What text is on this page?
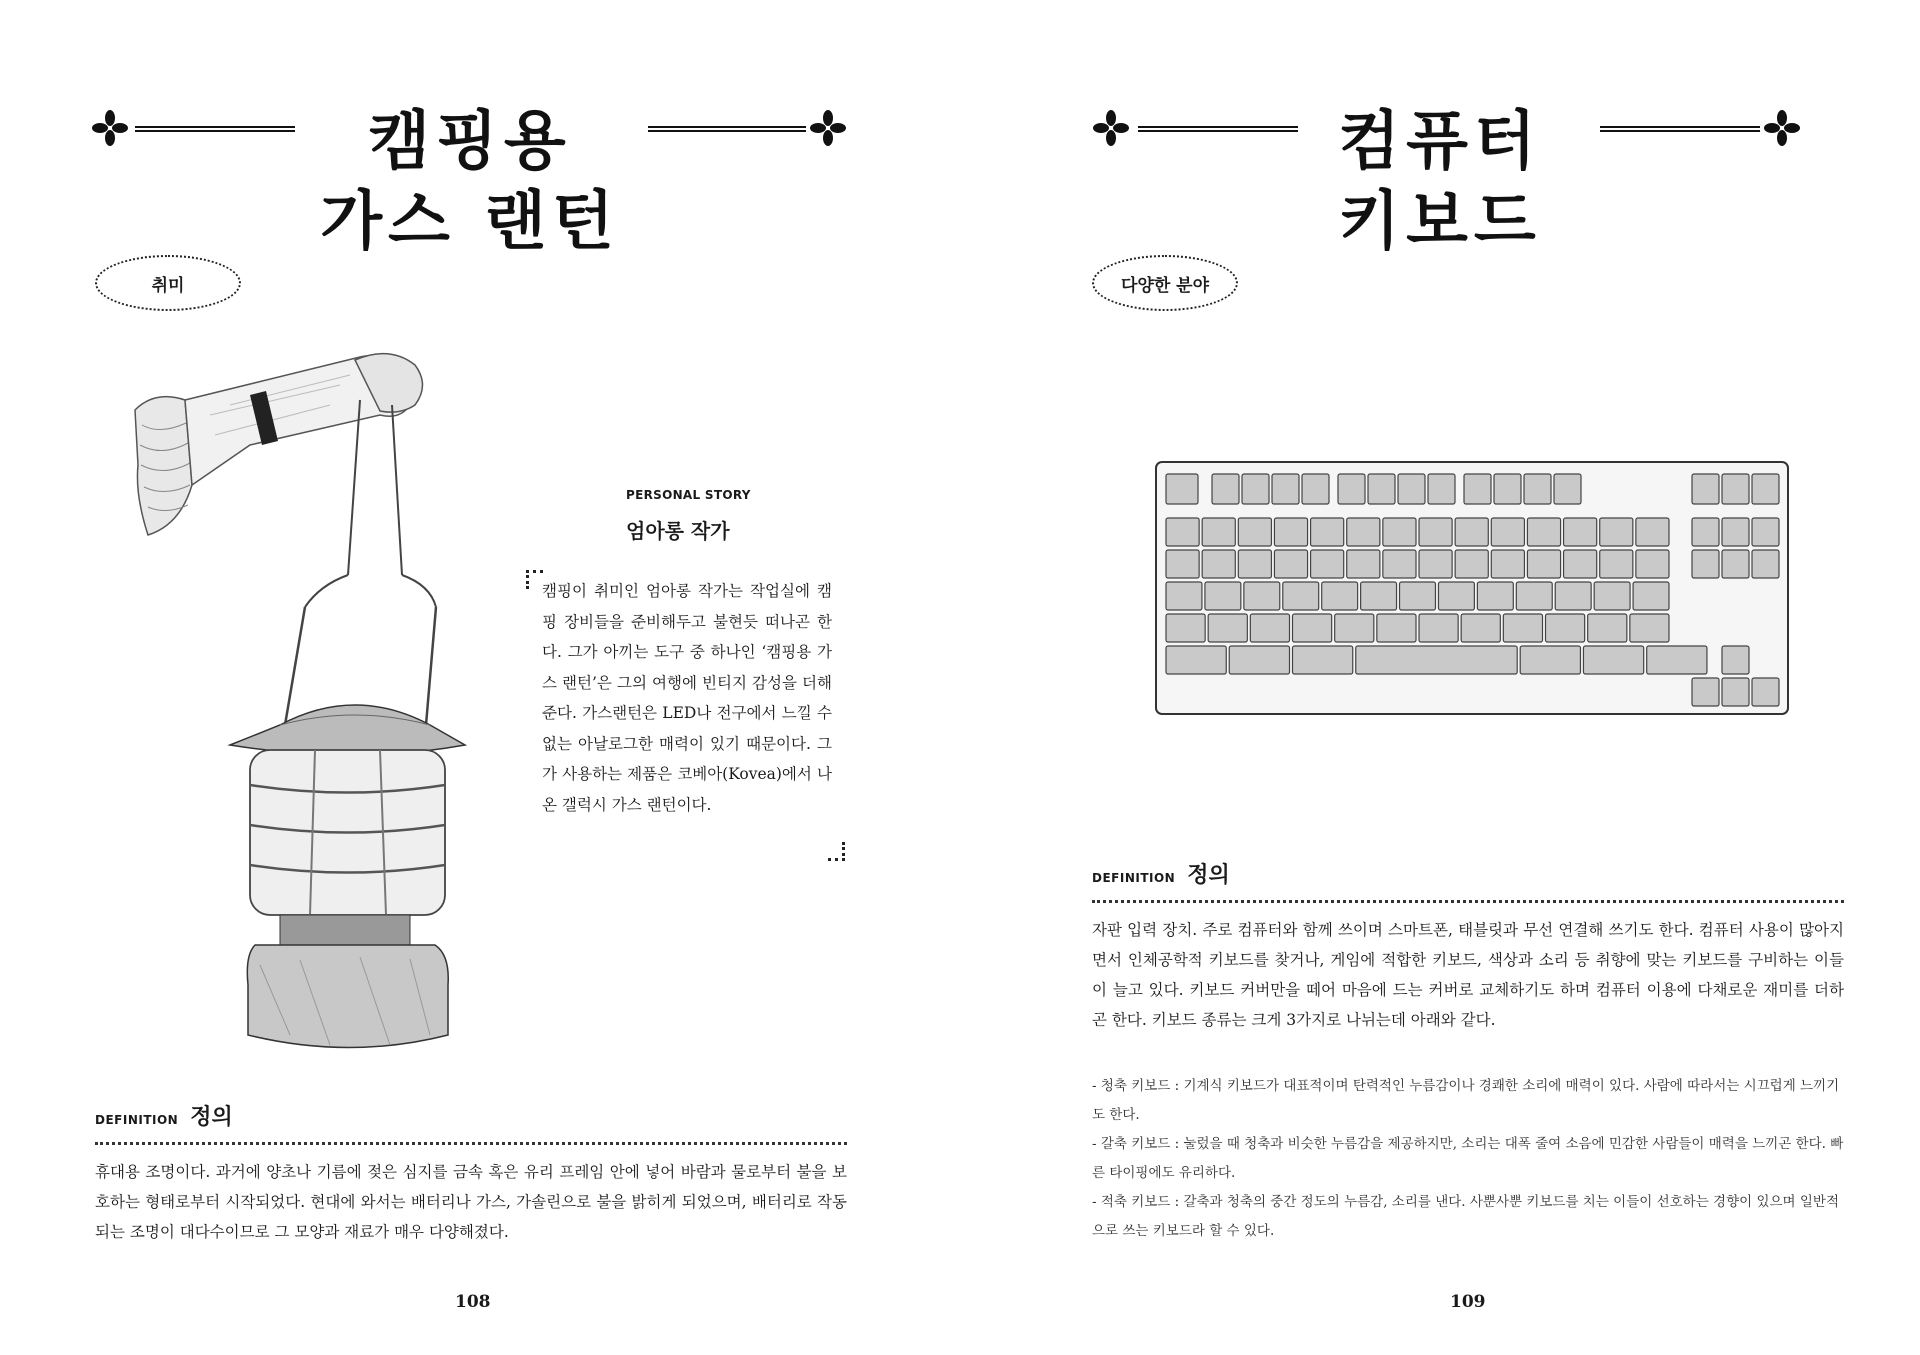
캠핑용
가스 랜턴
취미
PERSONAL STORY
엄아롱 작가
캠핑이 취미인 엄아롱 작가는 작업실에 캠핑 장비들을 준비해두고 불현듯 떠나곤 한다. 그가 아끼는 도구 중 하나인 ‘캠핑용 가스 랜턴’은 그의 여행에 빈티지 감성을 더해준다. 가스랜턴은 LED나 전구에서 느낄 수 없는 아날로그한 매력이 있기 때문이다. 그가 사용하는 제품은 코베아(Kovea)에서 나온 갤럭시 가스 랜턴이다.
DEFINITION 정의
휴대용 조명이다. 과거에 양초나 기름에 젖은 심지를 금속 혹은 유리 프레임 안에 넣어 바람과 물로부터 불을 보호하는 형태로부터 시작되었다. 현대에 와서는 배터리나 가스, 가솔린으로 불을 밝히게 되었으며, 배터리로 작동되는 조명이 대다수이므로 그 모양과 재료가 매우 다양해졌다.
108
컴퓨터
키보드
다양한 분야
DEFINITION 정의
자판 입력 장치. 주로 컴퓨터와 함께 쓰이며 스마트폰, 태블릿과 무선 연결해 쓰기도 한다. 컴퓨터 사용이 많아지면서 인체공학적 키보드를 찾거나, 게임에 적합한 키보드, 색상과 소리 등 취향에 맞는 키보드를 구비하는 이들이 늘고 있다. 키보드 커버만을 떼어 마음에 드는 커버로 교체하기도 하며 컴퓨터 이용에 다채로운 재미를 더하곤 한다. 키보드 종류는 크게 3가지로 나뉘는데 아래와 같다.

- 청축 키보드 : 기계식 키보드가 대표적이며 탄력적인 누름감이나 경쾌한 소리에 매력이 있다. 사람에 따라서는 시끄럽게 느끼기도 한다.

- 갈축 키보드 : 눌렀을 때 청축과 비슷한 누름감을 제공하지만, 소리는 대폭 줄여 소음에 민감한 사람들이 매력을 느끼곤 한다. 빠른 타이핑에도 유리하다.

- 적축 키보드 : 갈축과 청축의 중간 정도의 누름감, 소리를 낸다. 사뿐사뿐 키보드를 치는 이들이 선호하는 경향이 있으며 일반적으로 쓰는 키보드라 할 수 있다.

109
